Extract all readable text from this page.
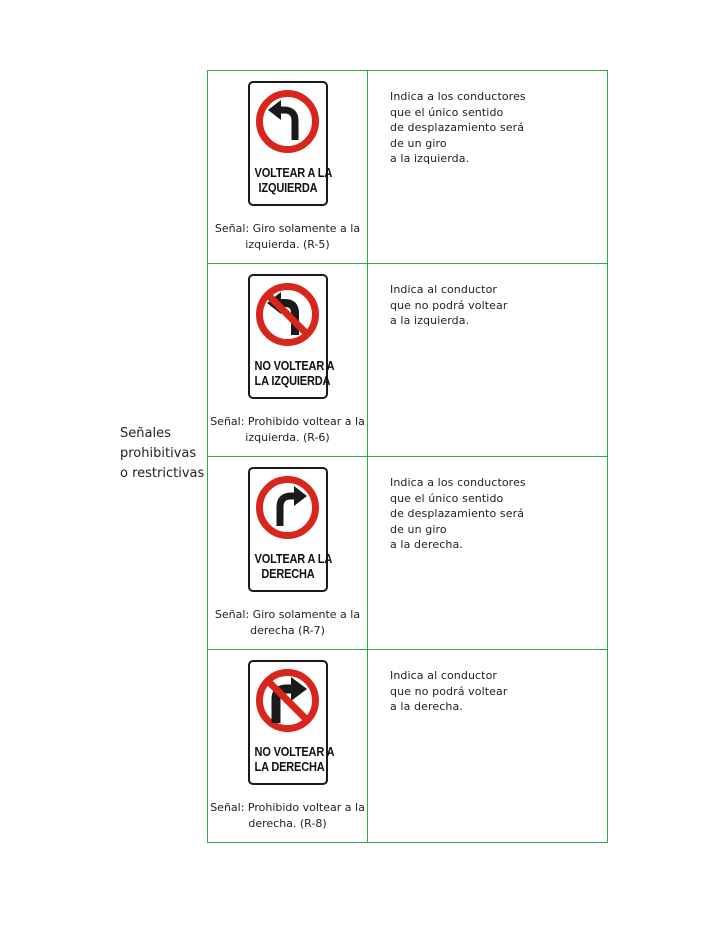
Señales
prohibitivas
o restrictivas
VOLTEAR A LA
IZQUIERDA
Señal: Giro solamente a la
izquierda. (R-5)
Indica a los conductores
que el único sentido
de desplazamiento será
de un giro
a la izquierda.
NO VOLTEAR A
LA IZQUIERDA
Señal: Prohibido voltear a la
izquierda. (R-6)
Indica al conductor
que no podrá voltear
a la izquierda.
VOLTEAR A LA
DERECHA
Señal: Giro solamente a la
derecha (R-7)
Indica a los conductores
que el único sentido
de desplazamiento será
de un giro
a la derecha.
NO VOLTEAR A
LA DERECHA
Señal: Prohibido voltear a la
derecha. (R-8)
Indica al conductor
que no podrá voltear
a la derecha.
